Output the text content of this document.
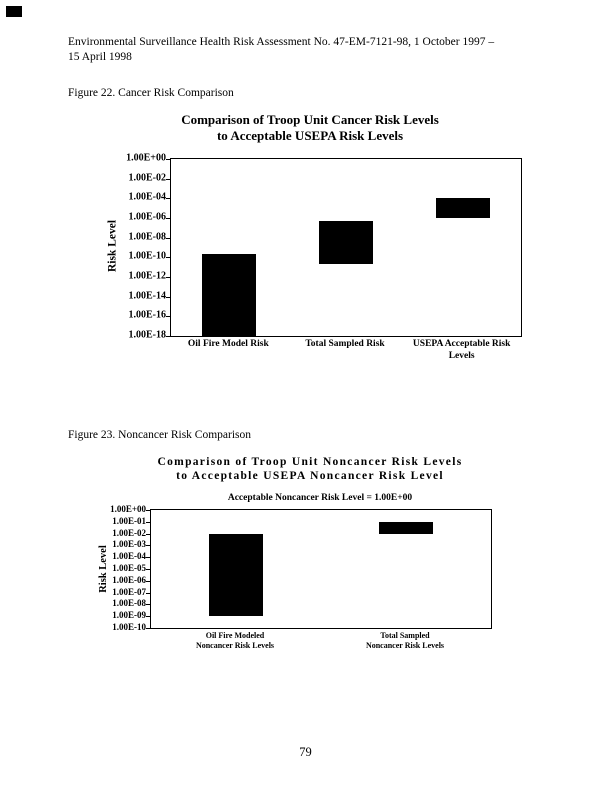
Environmental Surveillance Health Risk Assessment No. 47-EM-7121-98, 1 October 1997 –
15 April 1998
Figure 22. Cancer Risk Comparison
Comparison of Troop Unit Cancer Risk Levels
to Acceptable USEPA Risk Levels
Risk Level
1.00E+00
1.00E-02
1.00E-04
1.00E-06
1.00E-08
1.00E-10
1.00E-12
1.00E-14
1.00E-16
1.00E-18
Oil Fire Model Risk	Total Sampled Risk	USEPA Acceptable Risk
Levels
Figure 23. Noncancer Risk Comparison
Comparison of Troop Unit Noncancer Risk Levels
to Acceptable USEPA Noncancer Risk Level
Acceptable Noncancer Risk Level = 1.00E+00
Risk Level
1.00E+00
1.00E-01
1.00E-02
1.00E-03
1.00E-04
1.00E-05
1.00E-06
1.00E-07
1.00E-08
1.00E-09
1.00E-10
Oil Fire Modeled
Noncancer Risk Levels
Total Sampled
Noncancer Risk Levels
79
